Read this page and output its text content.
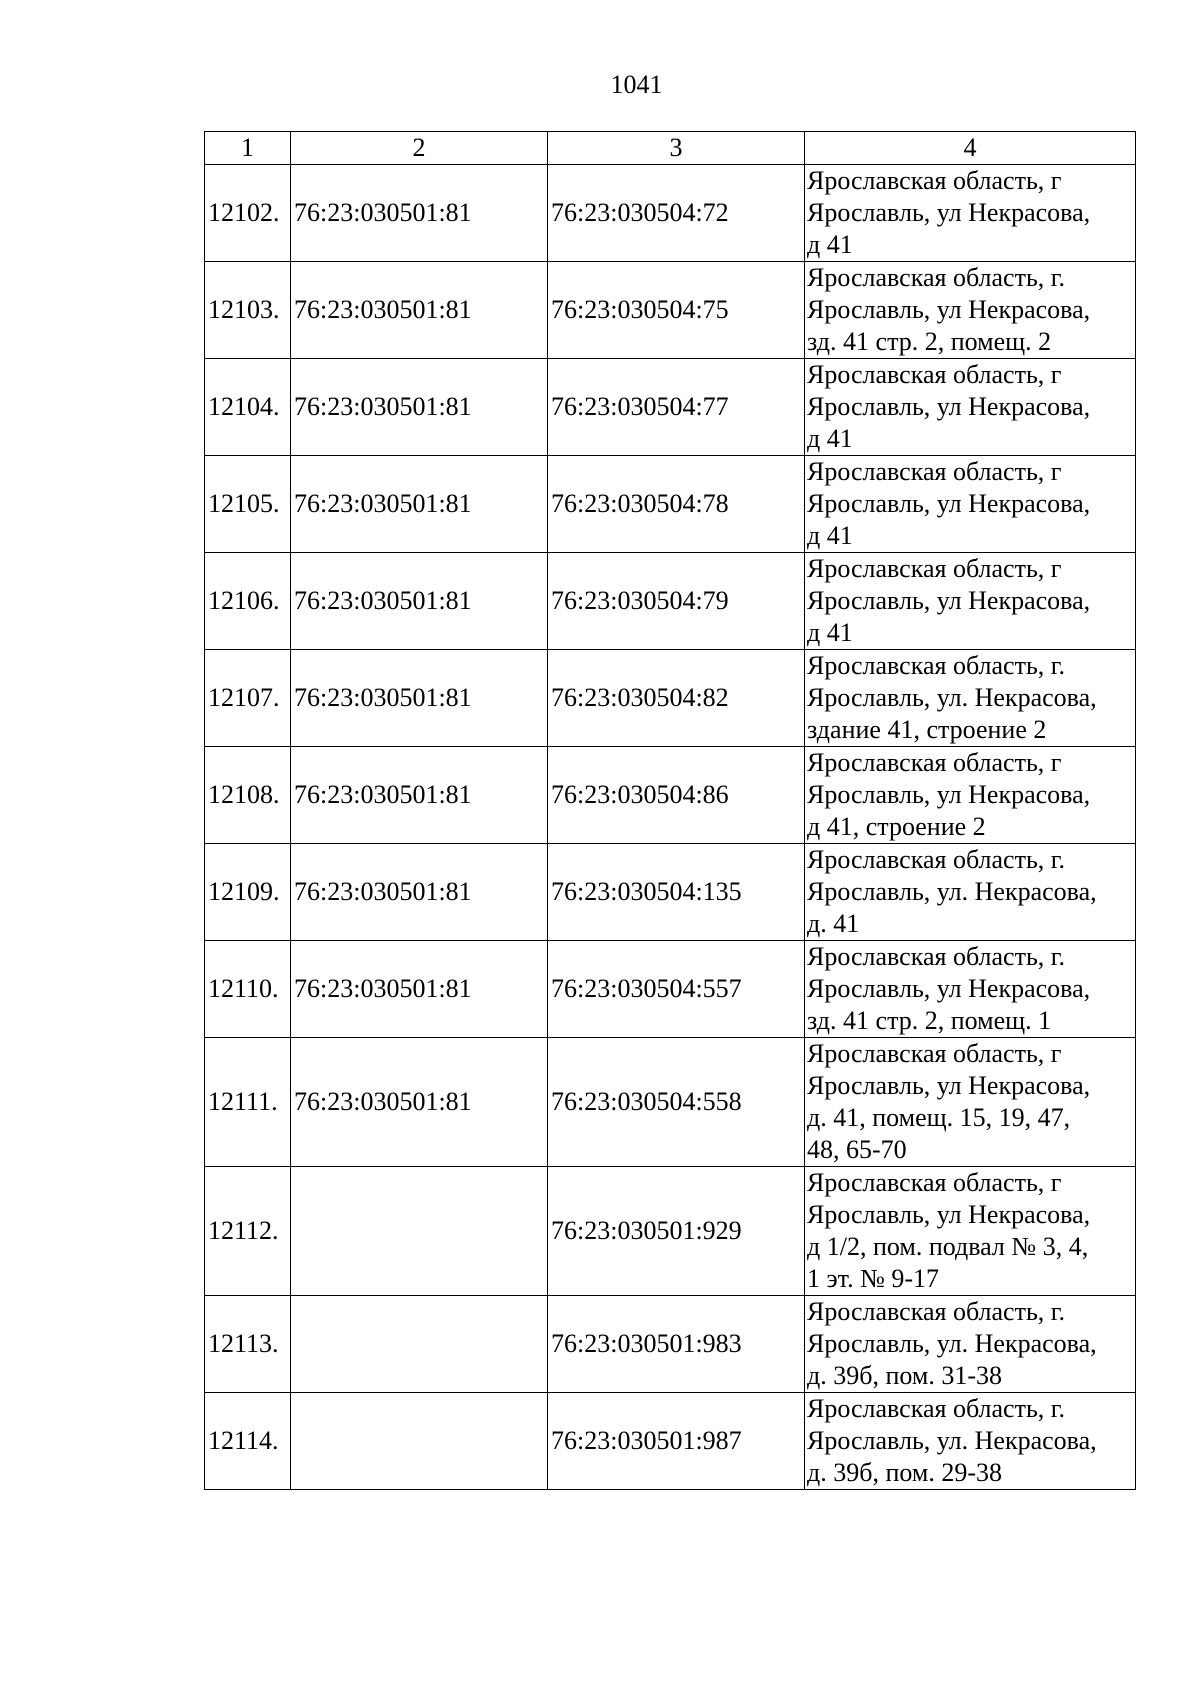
1041
1	2	3	4
12102.	76:23:030501:81	76:23:030504:72	Ярославская область, г
Ярославль, ул Некрасова,
д 41

12103.	76:23:030501:81	76:23:030504:75	Ярославская область, г.
Ярославль, ул Некрасова,
зд. 41 стр. 2, помещ. 2

12104.	76:23:030501:81	76:23:030504:77	Ярославская область, г
Ярославль, ул Некрасова,
д 41

12105.	76:23:030501:81	76:23:030504:78	Ярославская область, г
Ярославль, ул Некрасова,
д 41

12106.	76:23:030501:81	76:23:030504:79	Ярославская область, г
Ярославль, ул Некрасова,
д 41

12107.	76:23:030501:81	76:23:030504:82	Ярославская область, г.
Ярославль, ул. Некрасова,
здание 41, строение 2

12108.	76:23:030501:81	76:23:030504:86	Ярославская область, г
Ярославль, ул Некрасова,
д 41, строение 2

12109.	76:23:030501:81	76:23:030504:135	Ярославская область, г.
Ярославль, ул. Некрасова,
д. 41

12110.	76:23:030501:81	76:23:030504:557	Ярославская область, г.
Ярославль, ул Некрасова,
зд. 41 стр. 2, помещ. 1

12111.	76:23:030501:81	76:23:030504:558	Ярославская область, г
Ярославль, ул Некрасова,
д. 41, помещ. 15, 19, 47,
48, 65-70

12112.		76:23:030501:929	Ярославская область, г
Ярославль, ул Некрасова,
д 1/2, пом. подвал № 3, 4,
1 эт. № 9-17

12113.		76:23:030501:983	Ярославская область, г.
Ярославль, ул. Некрасова,
д. 39б, пом. 31-38

12114.		76:23:030501:987	Ярославская область, г.
Ярославль, ул. Некрасова,
д. 39б, пом. 29-38
